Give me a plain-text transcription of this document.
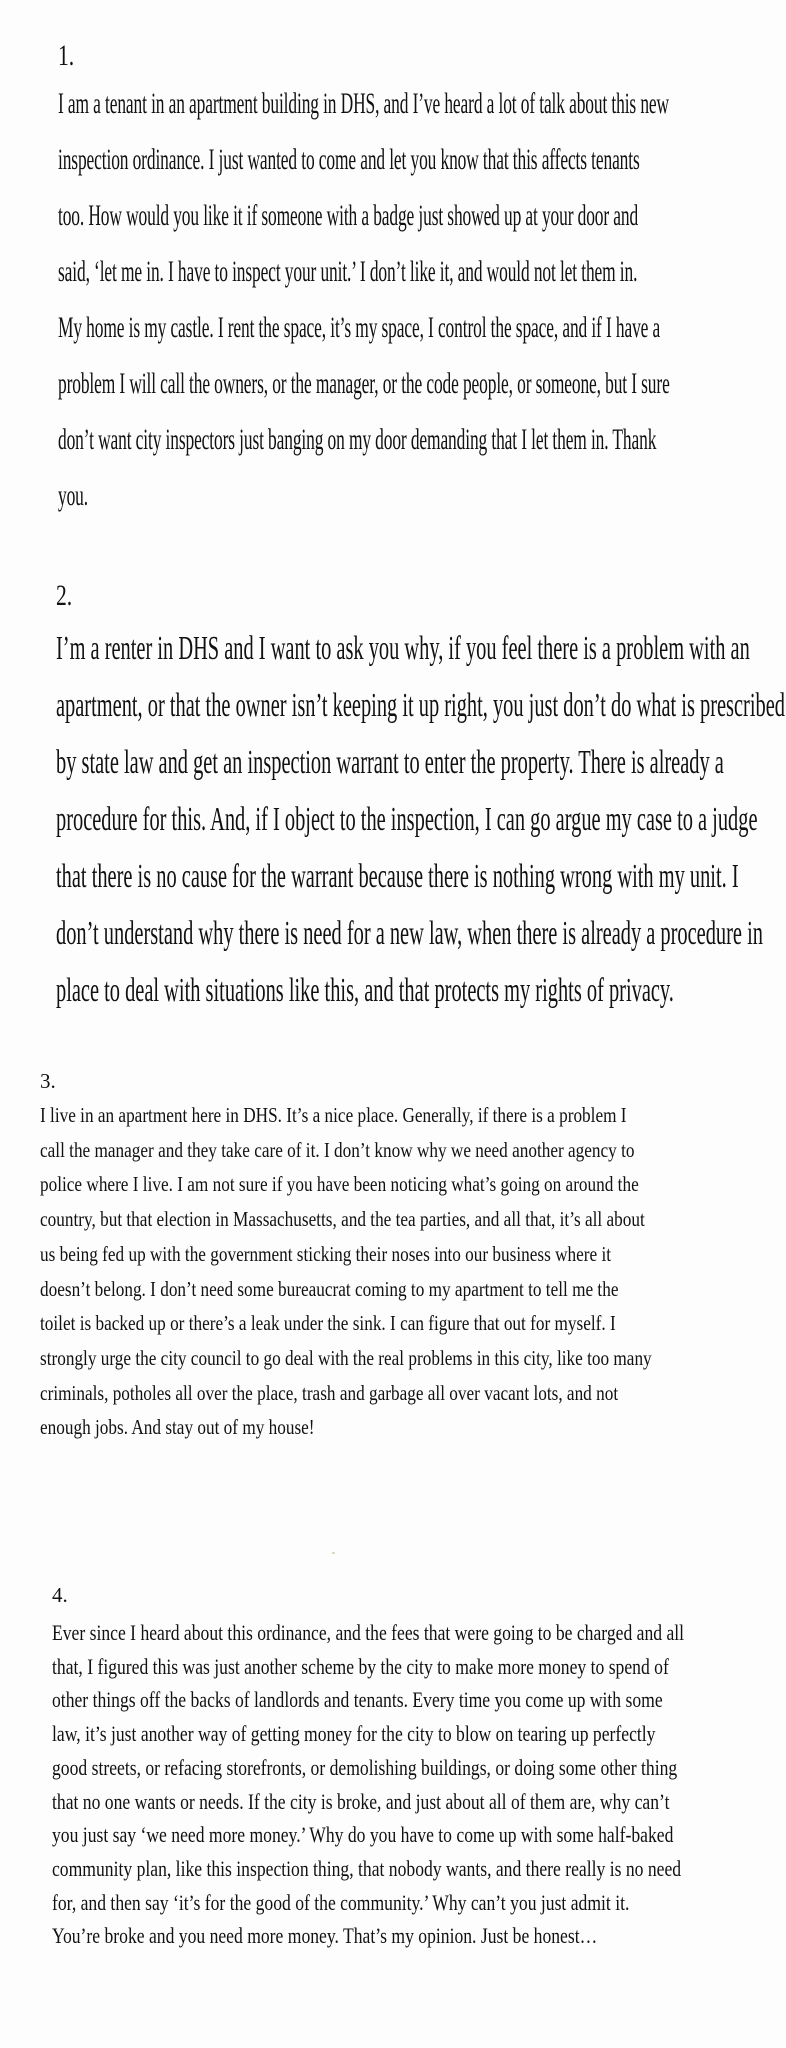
1.

I am a tenant in an apartment building in DHS, and I’ve heard a lot of talk about this new
inspection ordinance. I just wanted to come and let you know that this affects tenants
too. How would you like it if someone with a badge just showed up at your door and
said, ‘let me in. I have to inspect your unit.’ I don’t like it, and would not let them in.
My home is my castle. I rent the space, it’s my space, I control the space, and if I have a
problem I will call the owners, or the manager, or the code people, or someone, but I sure
don’t want city inspectors just banging on my door demanding that I let them in. Thank
you.

2.

I’m a renter in DHS and I want to ask you why, if you feel there is a problem with an
apartment, or that the owner isn’t keeping it up right, you just don’t do what is prescribed
by state law and get an inspection warrant to enter the property. There is already a
procedure for this. And, if I object to the inspection, I can go argue my case to a judge
that there is no cause for the warrant because there is nothing wrong with my unit. I
don’t understand why there is need for a new law, when there is already a procedure in
place to deal with situations like this, and that protects my rights of privacy.

3.

I live in an apartment here in DHS. It’s a nice place. Generally, if there is a problem I
call the manager and they take care of it. I don’t know why we need another agency to
police where I live. I am not sure if you have been noticing what’s going on around the
country, but that election in Massachusetts, and the tea parties, and all that, it’s all about
us being fed up with the government sticking their noses into our business where it
doesn’t belong. I don’t need some bureaucrat coming to my apartment to tell me the
toilet is backed up or there’s a leak under the sink. I can figure that out for myself. I
strongly urge the city council to go deal with the real problems in this city, like too many
criminals, potholes all over the place, trash and garbage all over vacant lots, and not
enough jobs. And stay out of my house!

4.

Ever since I heard about this ordinance, and the fees that were going to be charged and all
that, I figured this was just another scheme by the city to make more money to spend of
other things off the backs of landlords and tenants. Every time you come up with some
law, it’s just another way of getting money for the city to blow on tearing up perfectly
good streets, or refacing storefronts, or demolishing buildings, or doing some other thing
that no one wants or needs. If the city is broke, and just about all of them are, why can’t
you just say ‘we need more money.’ Why do you have to come up with some half-baked
community plan, like this inspection thing, that nobody wants, and there really is no need
for, and then say ‘it’s for the good of the community.’ Why can’t you just admit it.
You’re broke and you need more money. That’s my opinion. Just be honest…
